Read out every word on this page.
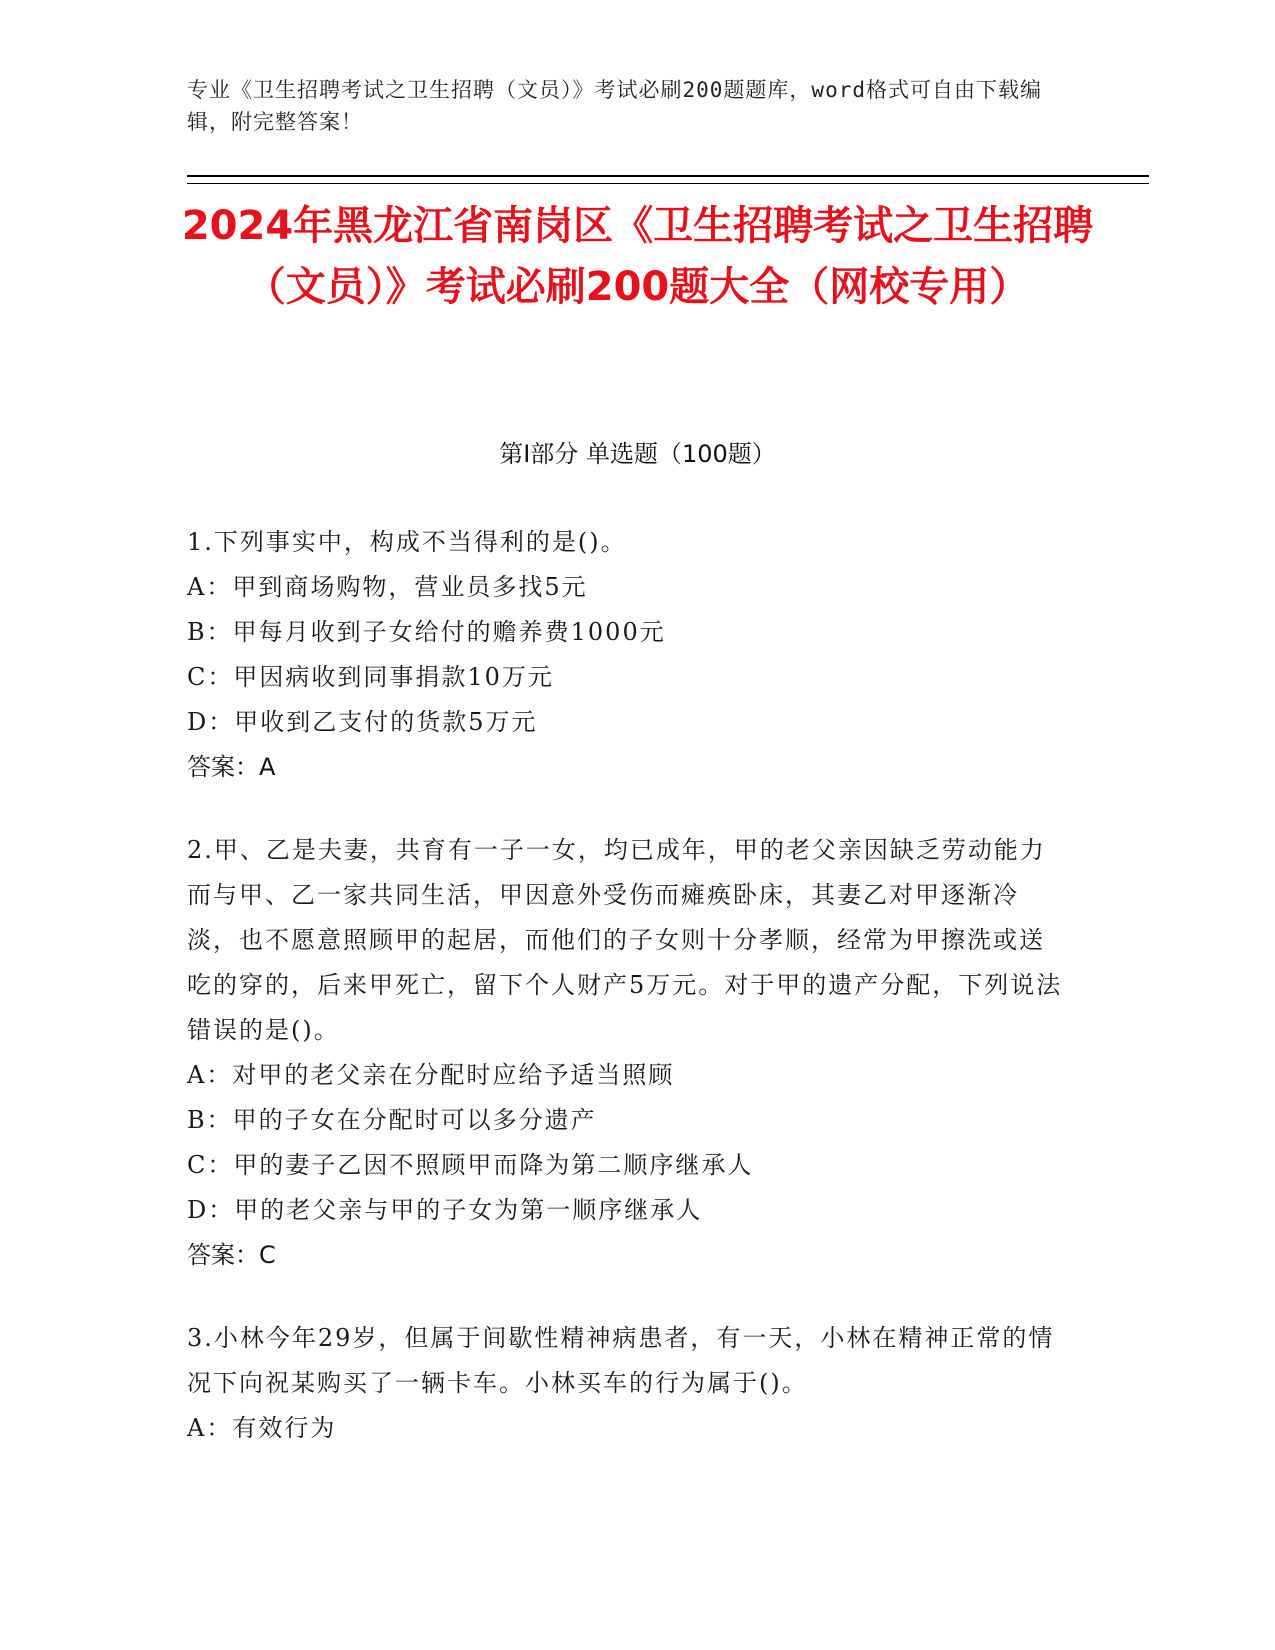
专业《卫生招聘考试之卫生招聘（文员）》考试必刷200题题库，word格式可自由下载编辑，附完整答案！
2024年黑龙江省南岗区《卫生招聘考试之卫生招聘（文员）》考试必刷200题大全（网校专用）
第I部分 单选题（100题）
1.下列事实中，构成不当得利的是()。
A：甲到商场购物，营业员多找5元
B：甲每月收到子女给付的赡养费1000元
C：甲因病收到同事捐款10万元
D：甲收到乙支付的货款5万元
答案：A
2.甲、乙是夫妻，共育有一子一女，均已成年，甲的老父亲因缺乏劳动能力而与甲、乙一家共同生活，甲因意外受伤而瘫痪卧床，其妻乙对甲逐渐冷淡，也不愿意照顾甲的起居，而他们的子女则十分孝顺，经常为甲擦洗或送吃的穿的，后来甲死亡，留下个人财产5万元。对于甲的遗产分配，下列说法错误的是()。
A：对甲的老父亲在分配时应给予适当照顾
B：甲的子女在分配时可以多分遗产
C：甲的妻子乙因不照顾甲而降为第二顺序继承人
D：甲的老父亲与甲的子女为第一顺序继承人
答案：C
3.小林今年29岁，但属于间歇性精神病患者，有一天，小林在精神正常的情况下向祝某购买了一辆卡车。小林买车的行为属于()。
A：有效行为
